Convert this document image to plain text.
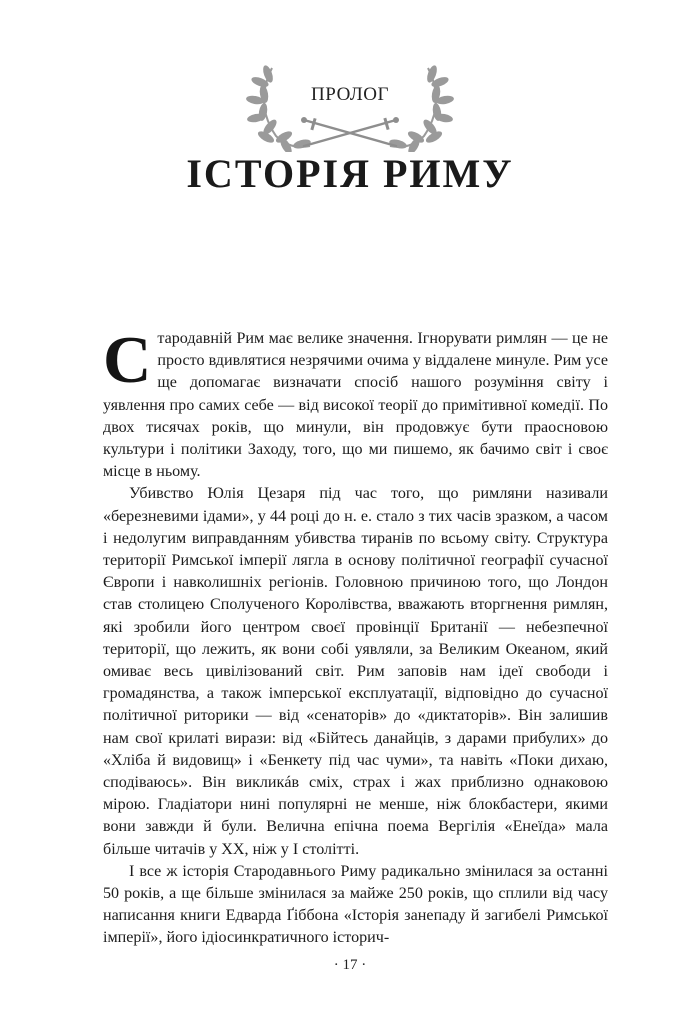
ПРОЛОГ
ІСТОРІЯ РИМУ

Стародавній Рим має велике значення. Ігнорувати римлян — це не просто вдивлятися незрячими очима у віддалене минуле. Рим усе ще допомагає визначати спосіб нашого розуміння світу і уявлення про самих себе — від високої теорії до примітивної комедії. По двох тисячах років, що минули, він продовжує бути праосновою культури і політики Заходу, того, що ми пишемо, як бачимо світ і своє місце в ньому.

Убивство Юлія Цезаря під час того, що римляни називали «березневими ідами», у 44 році до н. е. стало з тих часів зразком, а часом і недолугим виправданням убивства тиранів по всьому світу. Структура території Римської імперії лягла в основу політичної географії сучасної Європи і навколишніх регіонів. Головною причиною того, що Лондон став столицею Сполученого Королівства, вважають вторгнення римлян, які зробили його центром своєї провінції Британії — небезпечної території, що лежить, як вони собі уявляли, за Великим Океаном, який омиває весь цивілізований світ. Рим заповів нам ідеї свободи і громадянства, а також імперської експлуатації, відповідно до сучасної політичної риторики — від «сенаторів» до «диктаторів». Він залишив нам свої крилаті вирази: від «Бійтесь данайців, з дарами прибулих» до «Хліба й видовищ» і «Бенкету під час чуми», та навіть «Поки дихаю, сподіваюсь». Він викликáв сміх, страх і жах приблизно однаковою мірою. Гладіатори нині популярні не менше, ніж блокбастери, якими вони завжди й були. Велична епічна поема Вергілія «Енеїда» мала більше читачів у XX, ніж у I столітті.

І все ж історія Стародавнього Риму радикально змінилася за останні 50 років, а ще більше змінилася за майже 250 років, що сплили від часу написання книги Едварда Ґіббона «Історія занепаду й загибелі Римської імперії», його ідіосинкратичного історич-

· 17 ·
